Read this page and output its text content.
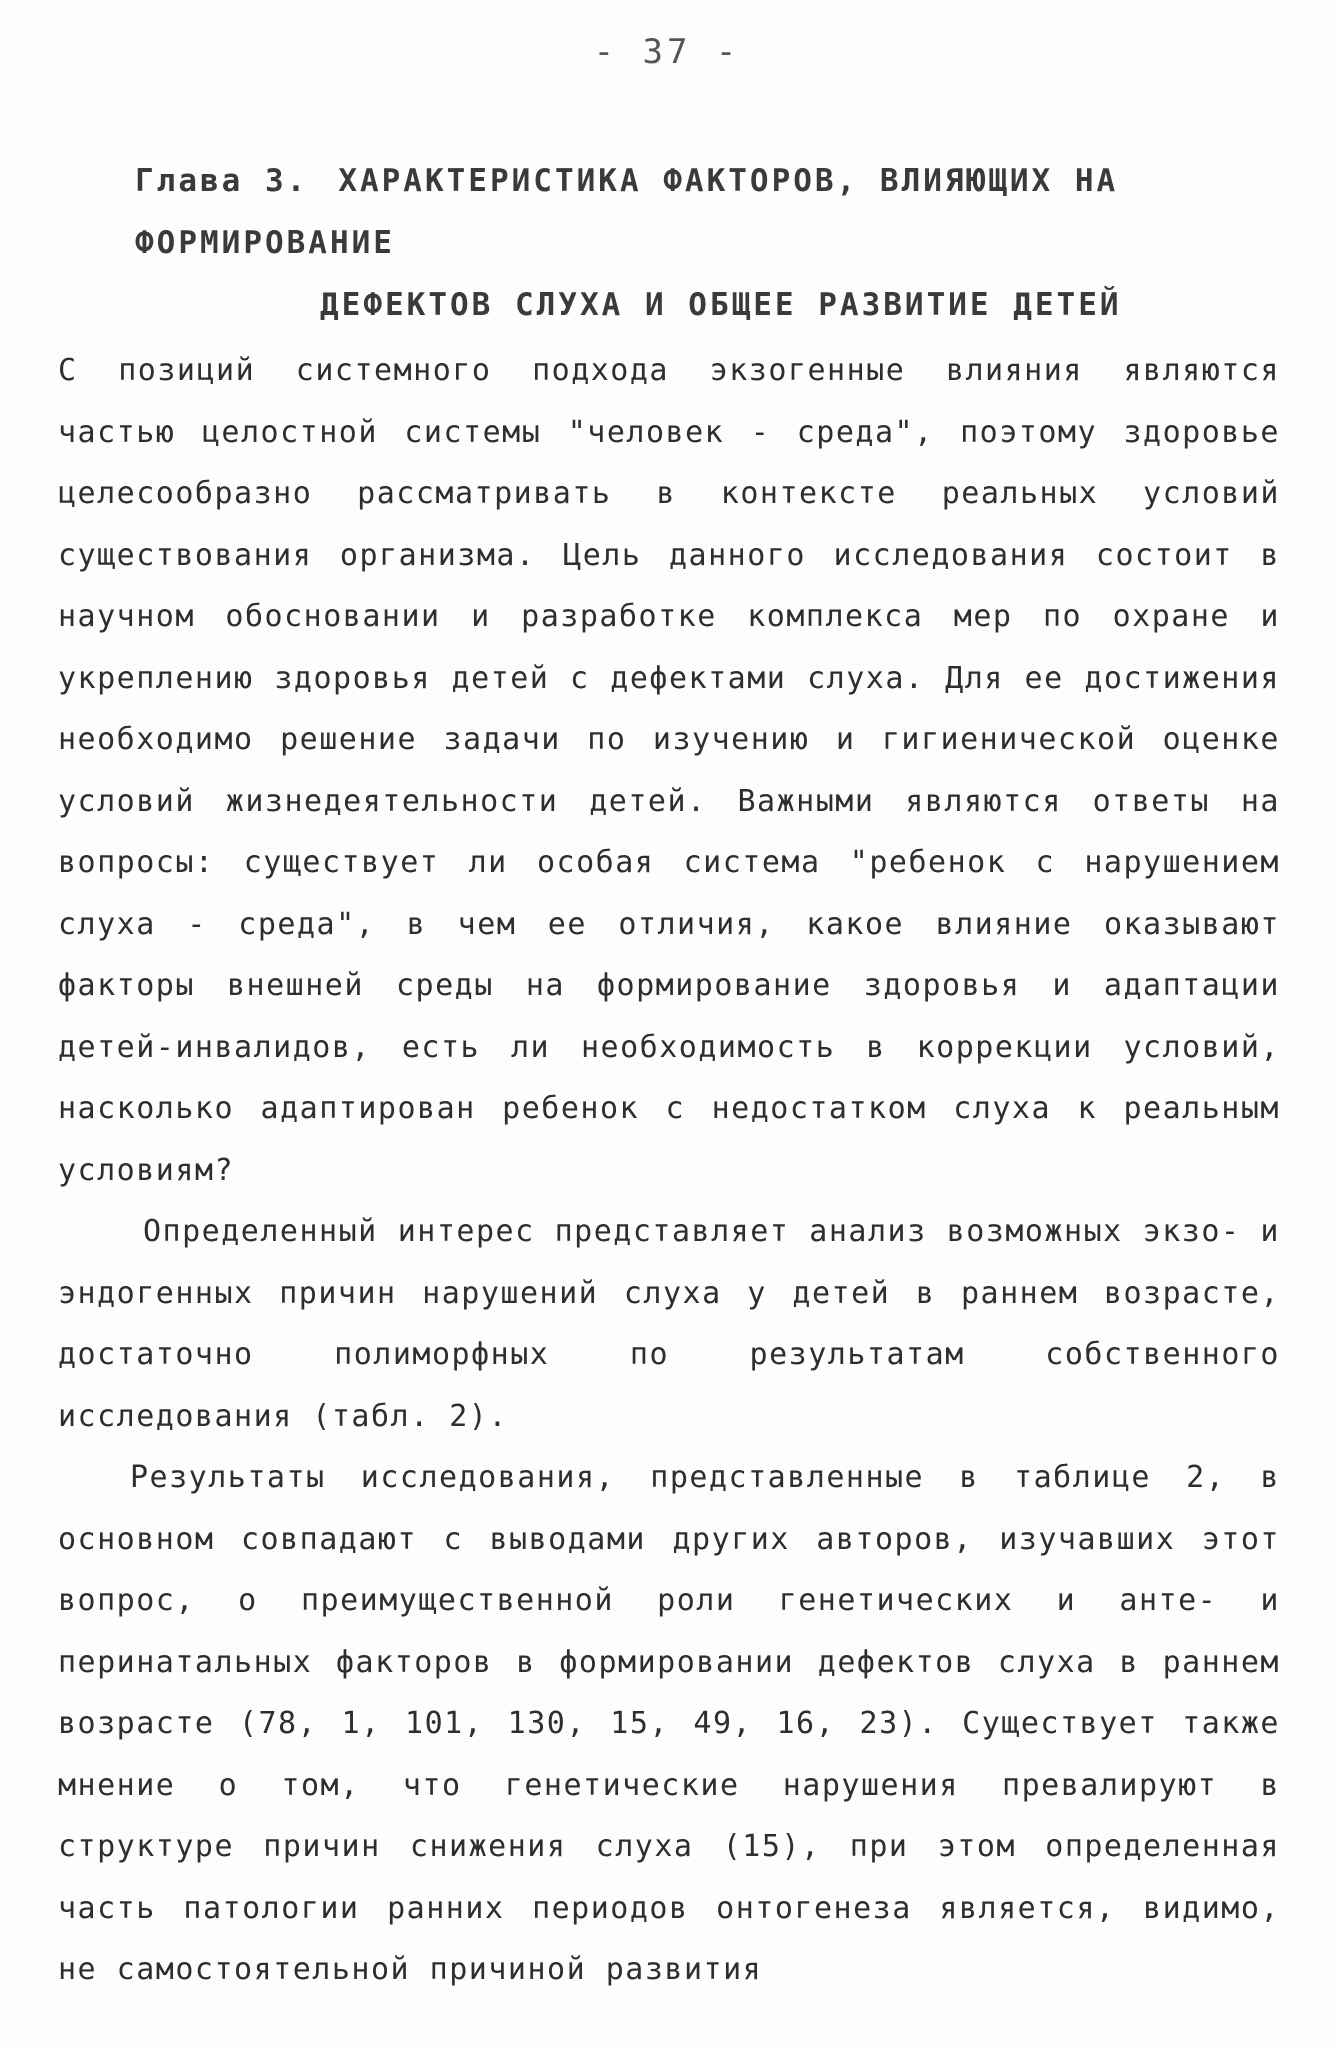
- 37 -
Глава 3. ХАРАКТЕРИСТИКА ФАКТОРОВ, ВЛИЯЮЩИХ НА ФОРМИРОВАНИЕ
ДЕФЕКТОВ СЛУХА И ОБЩЕЕ РАЗВИТИЕ ДЕТЕЙ

С позиций системного подхода экзогенные влияния являются частью целостной системы "человек - среда", поэтому здоровье целесообразно рассматривать в контексте реальных условий существования организма. Цель данного исследования состоит в научном обосновании и разработке комплекса мер по охране и укреплению здоровья детей с дефектами слуха. Для ее достижения необходимо решение задачи по изучению и гигиенической оценке условий жизнедеятельности детей. Важными являются ответы на вопросы: существует ли особая система "ребенок с нарушением слуха - среда", в чем ее отличия, какое влияние оказывают факторы внешней среды на формирование здоровья и адаптации детей-инвалидов, есть ли необходимость в коррекции условий, насколько адаптирован ребенок с недостатком слуха к реальным условиям?

Определенный интерес представляет анализ возможных экзо- и эндогенных причин нарушений слуха у детей в раннем возрасте, достаточно полиморфных по результатам собственного исследования (табл. 2).

Результаты исследования, представленные в таблице 2, в основном совпадают с выводами других авторов, изучавших этот вопрос, о преимущественной роли генетических и анте- и перинатальных факторов в формировании дефектов слуха в раннем возрасте (78, 1, 101, 130, 15, 49, 16, 23). Существует также мнение о том, что генетические нарушения превалируют в структуре причин снижения слуха (15), при этом определенная часть патологии ранних периодов онтогенеза является, видимо, не самостоятельной причиной развития
